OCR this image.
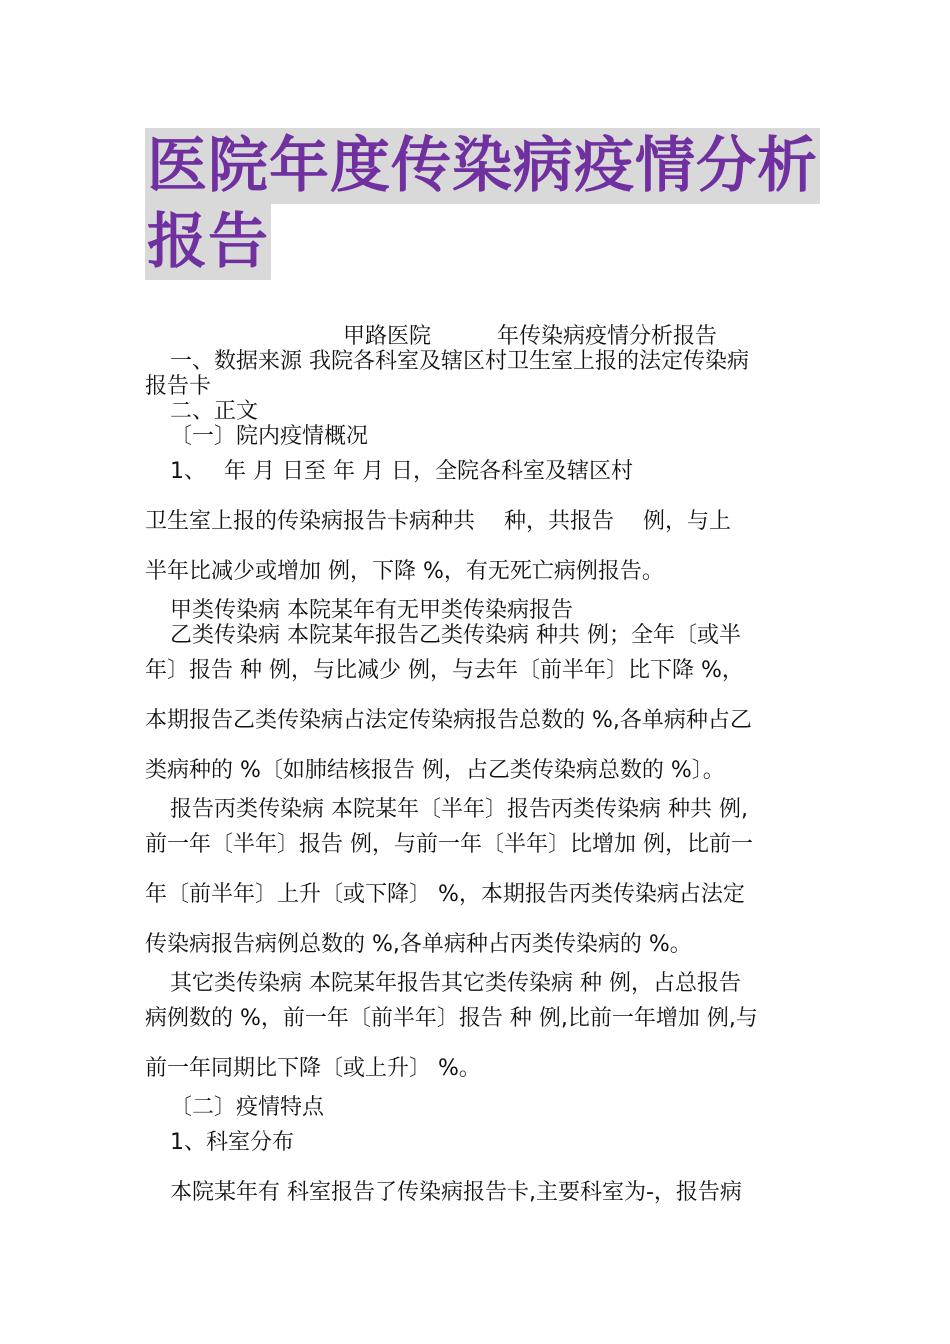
医院年度传染病疫情分析
报告
甲路医院　　　年传染病疫情分析报告
一、数据来源 我院各科室及辖区村卫生室上报的法定传染病
报告卡
二、正文
〔一〕院内疫情概况
1、　 年 月 日至 年 月 日，全院各科室及辖区村
卫生室上报的传染病报告卡病种共　 种，共报告　 例，与上
半年比减少或增加 例，下降 %，有无死亡病例报告。
甲类传染病 本院某年有无甲类传染病报告
乙类传染病 本院某年报告乙类传染病 种共 例；全年〔或半
年〕报告 种 例，与比减少 例，与去年〔前半年〕比下降 %，
本期报告乙类传染病占法定传染病报告总数的 %,各单病种占乙
类病种的 %〔如肺结核报告 例，占乙类传染病总数的 %〕。
报告丙类传染病 本院某年〔半年〕报告丙类传染病 种共 例,
前一年〔半年〕报告 例，与前一年〔半年〕比增加 例，比前一
年〔前半年〕上升〔或下降〕 %，本期报告丙类传染病占法定
传染病报告病例总数的 %,各单病种占丙类传染病的 %。
其它类传染病 本院某年报告其它类传染病 种 例，占总报告
病例数的 %，前一年〔前半年〕报告 种 例,比前一年增加 例,与
前一年同期比下降〔或上升〕 %。
〔二〕疫情特点
1、科室分布
本院某年有 科室报告了传染病报告卡,主要科室为-，报告病
